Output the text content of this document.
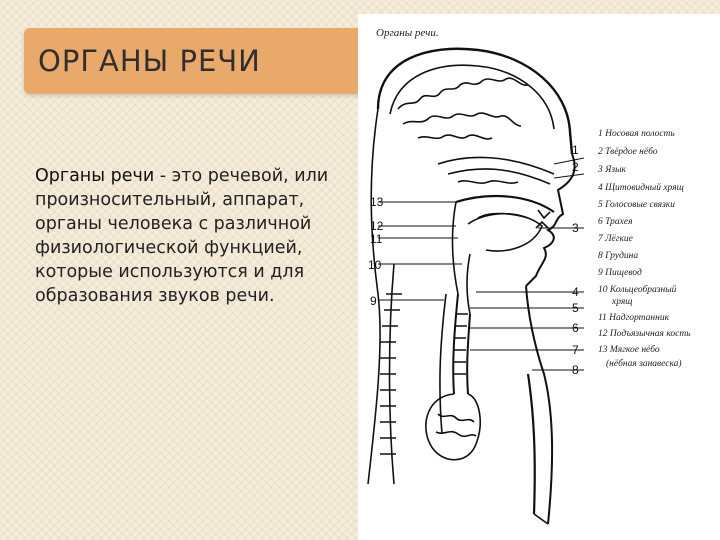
ОРГАНЫ РЕЧИ
Органы речи - это речевой, или произносительный, аппарат, органы человека с различной физиологической функцией, которые используются и для образования звуков речи.
Органы речи.
1
2
3
4
5
6
7
8
13
12
11
10
9
1 Носовая полость
2 Твёрдое нёбо
3 Язык
4 Щитовидный хрящ
5 Голосовые связки
6 Трахея
7 Лёгкие
8 Грудина
9 Пищевод
10 Кольцеобразный
хрящ
11 Надгортанник
12 Подъязычная кость
13 Мягкое нёбо
(нёбная занавеска)
